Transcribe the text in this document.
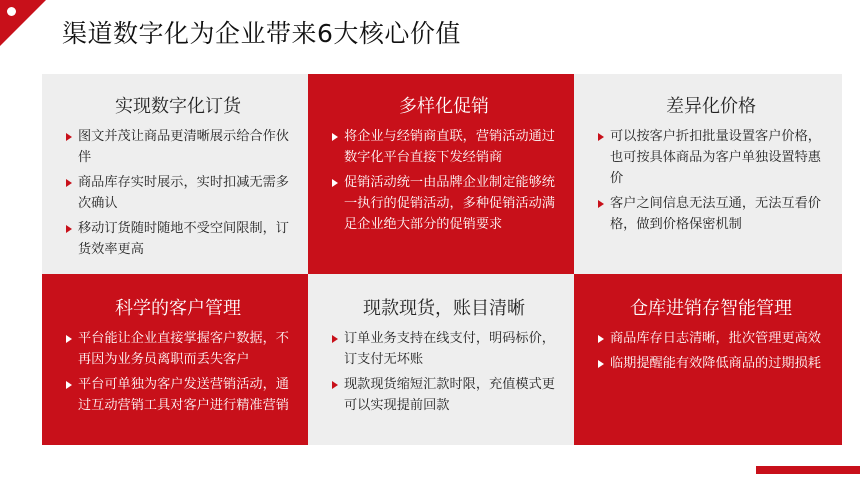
渠道数字化为企业带来6大核心价值
实现数字化订货
图文并茂让商品更清晰展示给合作伙伴
商品库存实时展示，实时扣减无需多次确认
移动订货随时随地不受空间限制，订货效率更高
多样化促销
将企业与经销商直联，营销活动通过数字化平台直接下发经销商
促销活动统一由品牌企业制定能够统一执行的促销活动，多种促销活动满足企业绝大部分的促销要求
差异化价格
可以按客户折扣批量设置客户价格，也可按具体商品为客户单独设置特惠价
客户之间信息无法互通，无法互看价格，做到价格保密机制
科学的客户管理
平台能让企业直接掌握客户数据，不再因为业务员离职而丢失客户
平台可单独为客户发送营销活动，通过互动营销工具对客户进行精准营销
现款现货，账目清晰
订单业务支持在线支付，明码标价，订支付无坏账
现款现货缩短汇款时限，充值模式更可以实现提前回款
仓库进销存智能管理
商品库存日志清晰，批次管理更高效
临期提醒能有效降低商品的过期损耗
